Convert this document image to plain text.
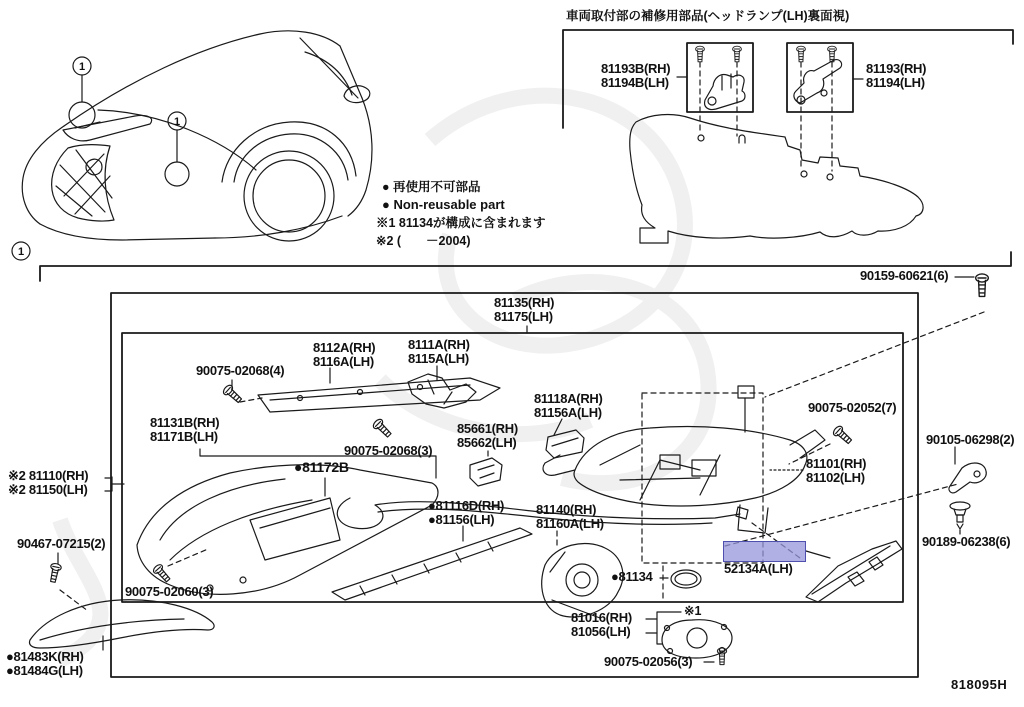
1
1
1
車両取付部の補修用部品(ヘッドランプ(LH)裏面視)
81193B(RH)
81194B(LH)
81193(RH)
81194(LH)
● 再使用不可部品
● Non-reusable part
※1 81134が構成に含まれます
※2 (　　－2004)
90159-60621(6)
81135(RH)
81175(LH)
8112A(RH)
8116A(LH)
8111A(RH)
8115A(LH)
90075-02068(4)
81131B(RH)
81171B(LH)
90075-02068(3)
85661(RH)
85662(LH)
81118A(RH)
81156A(LH)	90075-02052(7)
90105-06298(2)
81101(RH)
81102(LH)
※2 81110(RH)
※2 81150(LH)
●81172B
●81116D(RH)
●81156(LH)
81140(RH)
81160A(LH)
●81134
52134A(LH)
90189-06238(6)
90467-07215(2)
90075-02060(3)
●81483K(RH)
●81484G(LH)
81016(RH)
81056(LH)
※1
90075-02056(3)
818095H
